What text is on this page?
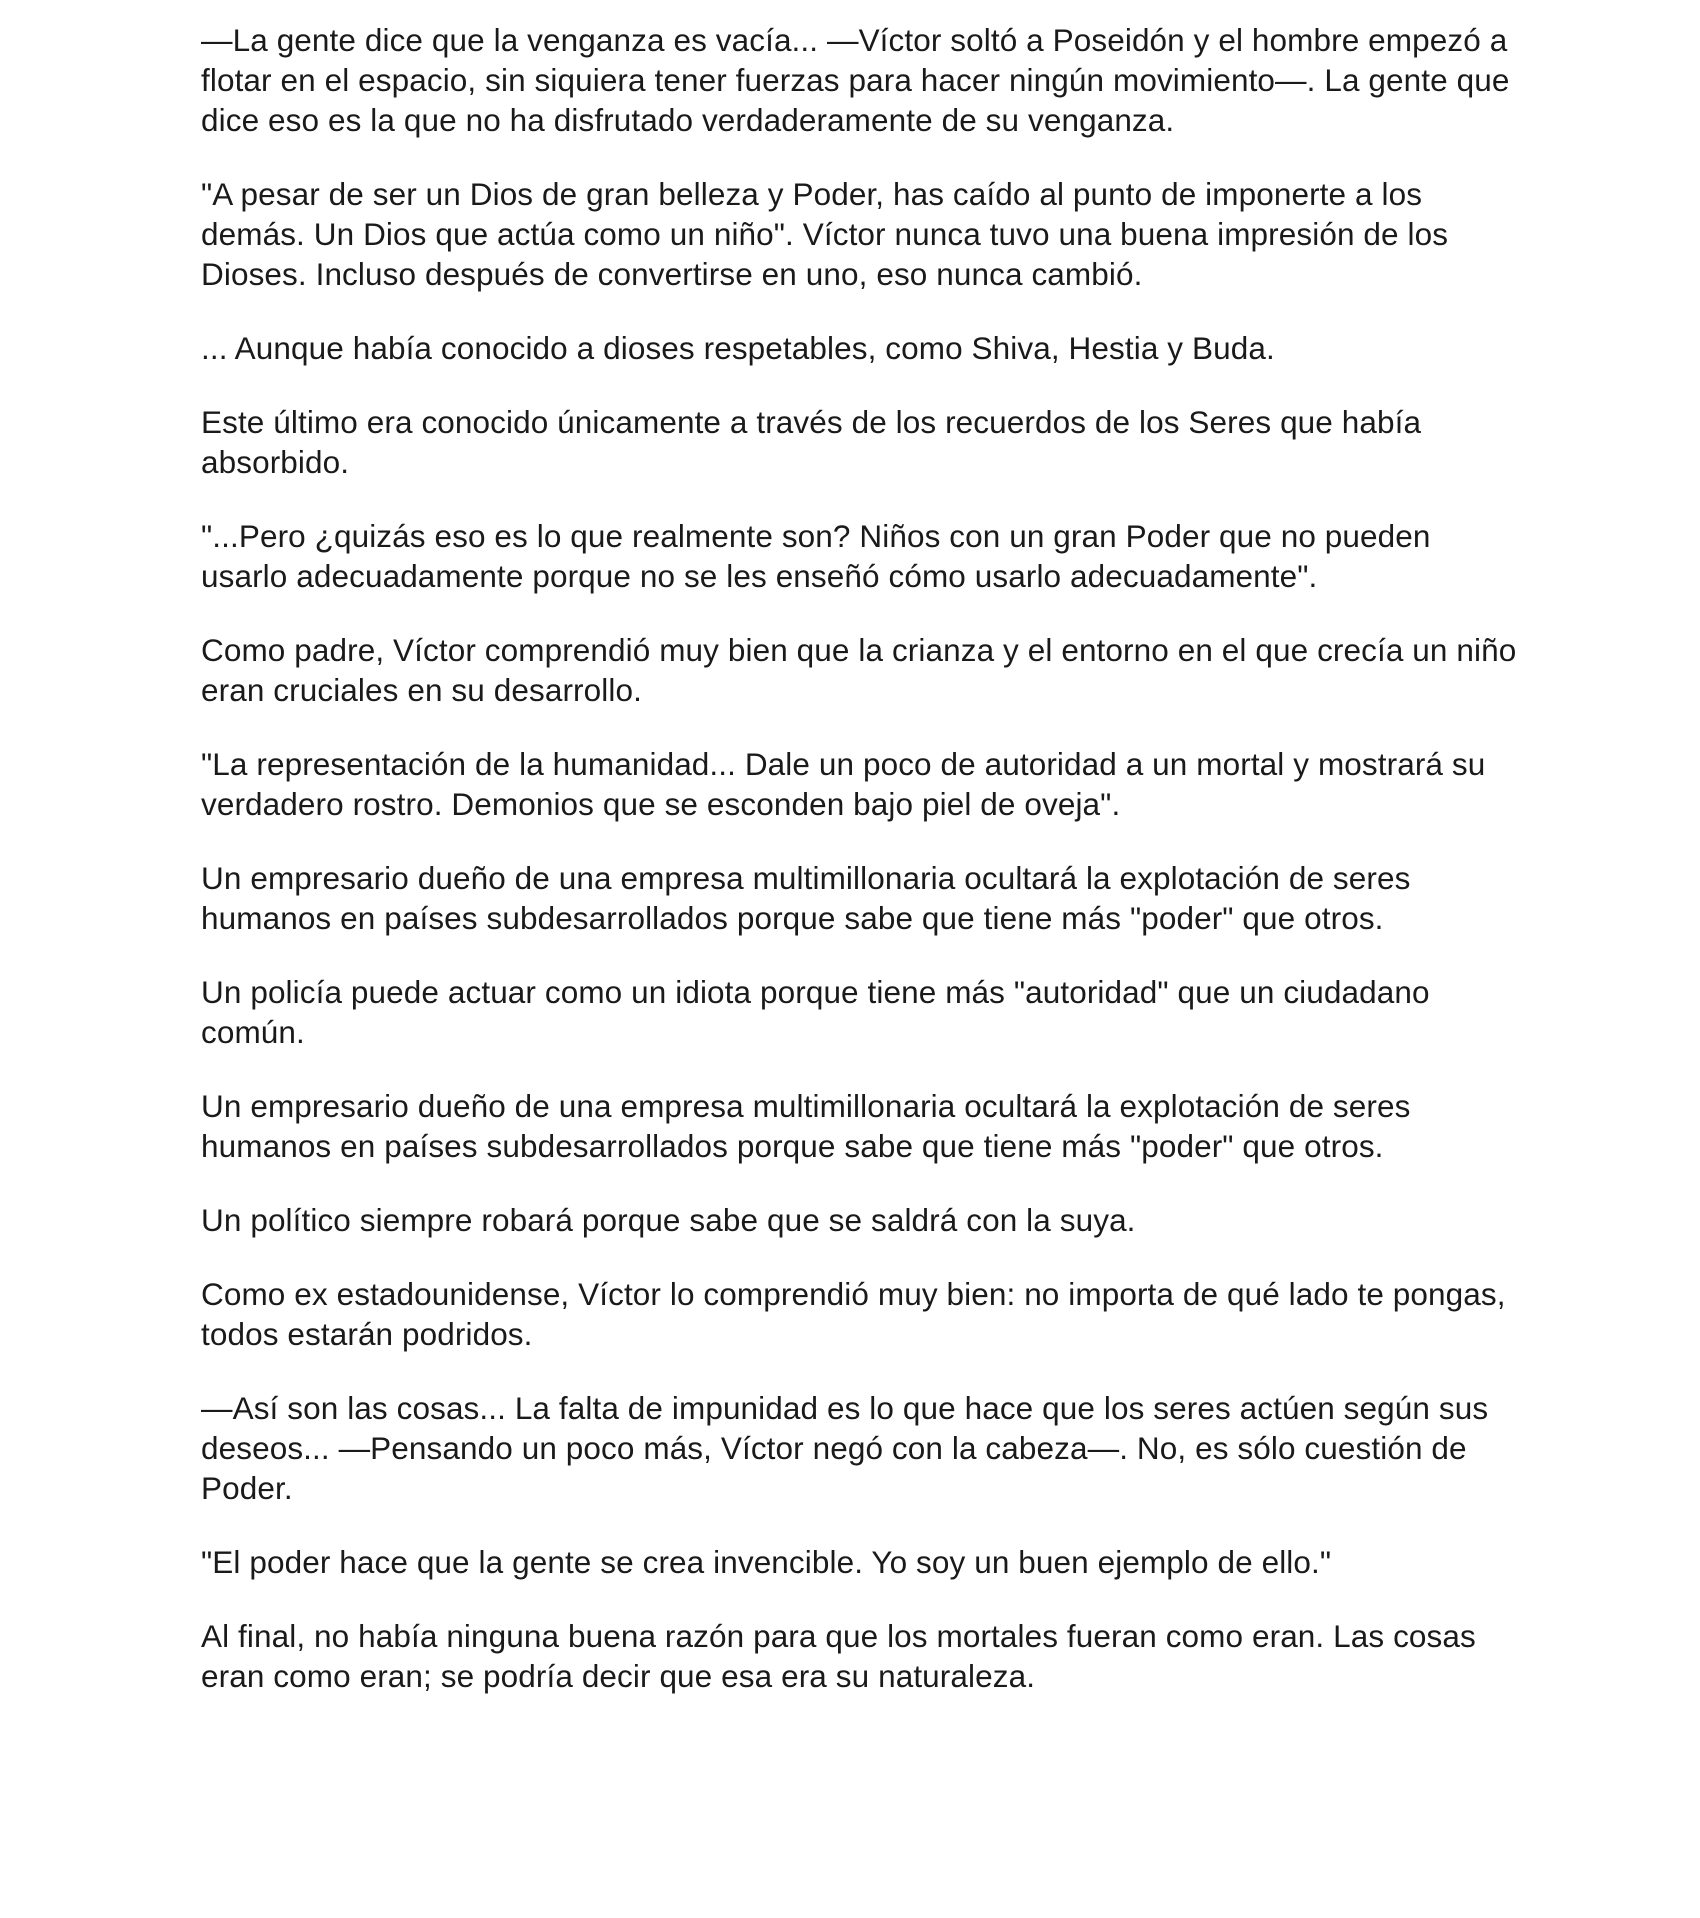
—La gente dice que la venganza es vacía... —Víctor soltó a Poseidón y el hombre empezó a flotar en el espacio, sin siquiera tener fuerzas para hacer ningún movimiento—. La gente que dice eso es la que no ha disfrutado verdaderamente de su venganza.

"A pesar de ser un Dios de gran belleza y Poder, has caído al punto de imponerte a los demás. Un Dios que actúa como un niño". Víctor nunca tuvo una buena impresión de los Dioses. Incluso después de convertirse en uno, eso nunca cambió.

... Aunque había conocido a dioses respetables, como Shiva, Hestia y Buda.

Este último era conocido únicamente a través de los recuerdos de los Seres que había absorbido.

"...Pero ¿quizás eso es lo que realmente son? Niños con un gran Poder que no pueden usarlo adecuadamente porque no se les enseñó cómo usarlo adecuadamente".

Como padre, Víctor comprendió muy bien que la crianza y el entorno en el que crecía un niño eran cruciales en su desarrollo.

"La representación de la humanidad... Dale un poco de autoridad a un mortal y mostrará su verdadero rostro. Demonios que se esconden bajo piel de oveja".

Un empresario dueño de una empresa multimillonaria ocultará la explotación de seres humanos en países subdesarrollados porque sabe que tiene más "poder" que otros.

Un policía puede actuar como un idiota porque tiene más "autoridad" que un ciudadano común.

Un empresario dueño de una empresa multimillonaria ocultará la explotación de seres humanos en países subdesarrollados porque sabe que tiene más "poder" que otros.

Un político siempre robará porque sabe que se saldrá con la suya.

Como ex estadounidense, Víctor lo comprendió muy bien: no importa de qué lado te pongas, todos estarán podridos.

—Así son las cosas... La falta de impunidad es lo que hace que los seres actúen según sus deseos... —Pensando un poco más, Víctor negó con la cabeza—. No, es sólo cuestión de Poder.

"El poder hace que la gente se crea invencible. Yo soy un buen ejemplo de ello."

Al final, no había ninguna buena razón para que los mortales fueran como eran. Las cosas eran como eran; se podría decir que esa era su naturaleza.
